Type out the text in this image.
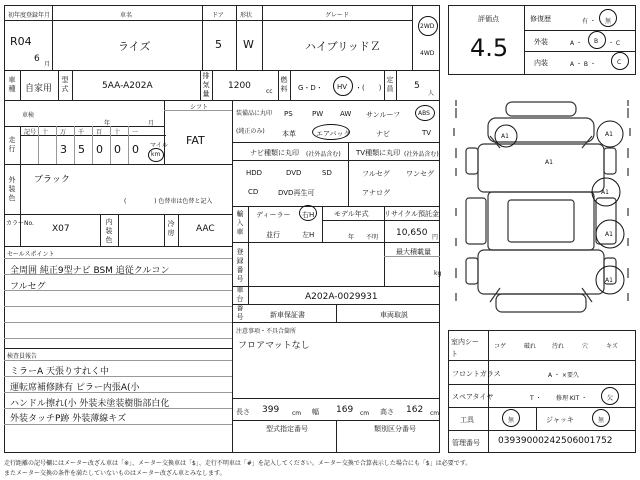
初年度登録年月
R04
6
月
車名
ライズ
ドア
5
形状
W
グレード
ハイブリッドＺ
2WD
4WD
車種 自家用
型式	5AA-A202A
排気量
1200
cc
燃料 G・D・ HV ・(　　)
定員 5
人
車検
年	月
シフト
FAT
走行
記号 十 万 千 百 十 一
3 5 0 0 0 マイル
km
外装色
ブラック
( 　　　　 ) 色替車は色替と記入
カラーNo.
X07
内装色
冷房 AAC
セールスポイント
全周囲 純正9型ナビ BSM 追従クルコン
フルセグ
検査員報告
ミラーA 天張りすれく中
運転席補修跡有 ピラー内張A(小
ハンドル擦れ(小 外装未塗装樹脂部白化
外装タッチP跡 外装薄線キズ
装備品に丸印
(純正のみ)
PS	PW AW サンルーフ	ABS
本革	エアバック	ナビ	TV
ナビ種類に丸印 (社外品含む) TV種類に丸印 (社外品含む)
HDD	DVD	SD
CD	DVD再生可
フルセグ ワンセグ
アナログ
輸入車
ディーラー 右H
並行	左H
モデル年式
年 不明
リサイクル預託金
10,650 円
最大積載量
kg
登録番号
車台番号
A202A-0029931
新車保証書	車両取説
注意事項・不具合箇所
フロアマットなし
長さ 399 cm 幅 169 cm 高さ 162 cm
型式指定番号	類別区分番号
評価点
4.5
修復歴	有 ・ 無
外装	A ・ B ・ C
内装	A ・ B ・	C
A1
A1
A1
A1
A1
A1
室内シート
コゲ	破れ	汚れ	穴	キズ
フロントガラス	A ・ ×要久
スペアタイヤ	T ・ 修理 KIT ・	欠
工具	無	ジャッキ	無
管理番号 0393900024250600​1752
走行距離の記号欄にはメーター改ざん車は「※」、メーター交換車は「$」、走行不明車は「#」を記入してください。メーター交換で合算表示した場合にも「$」は必要です。
またメーター交換の条件を満たしていないものはメーター改ざん車とみなします。
